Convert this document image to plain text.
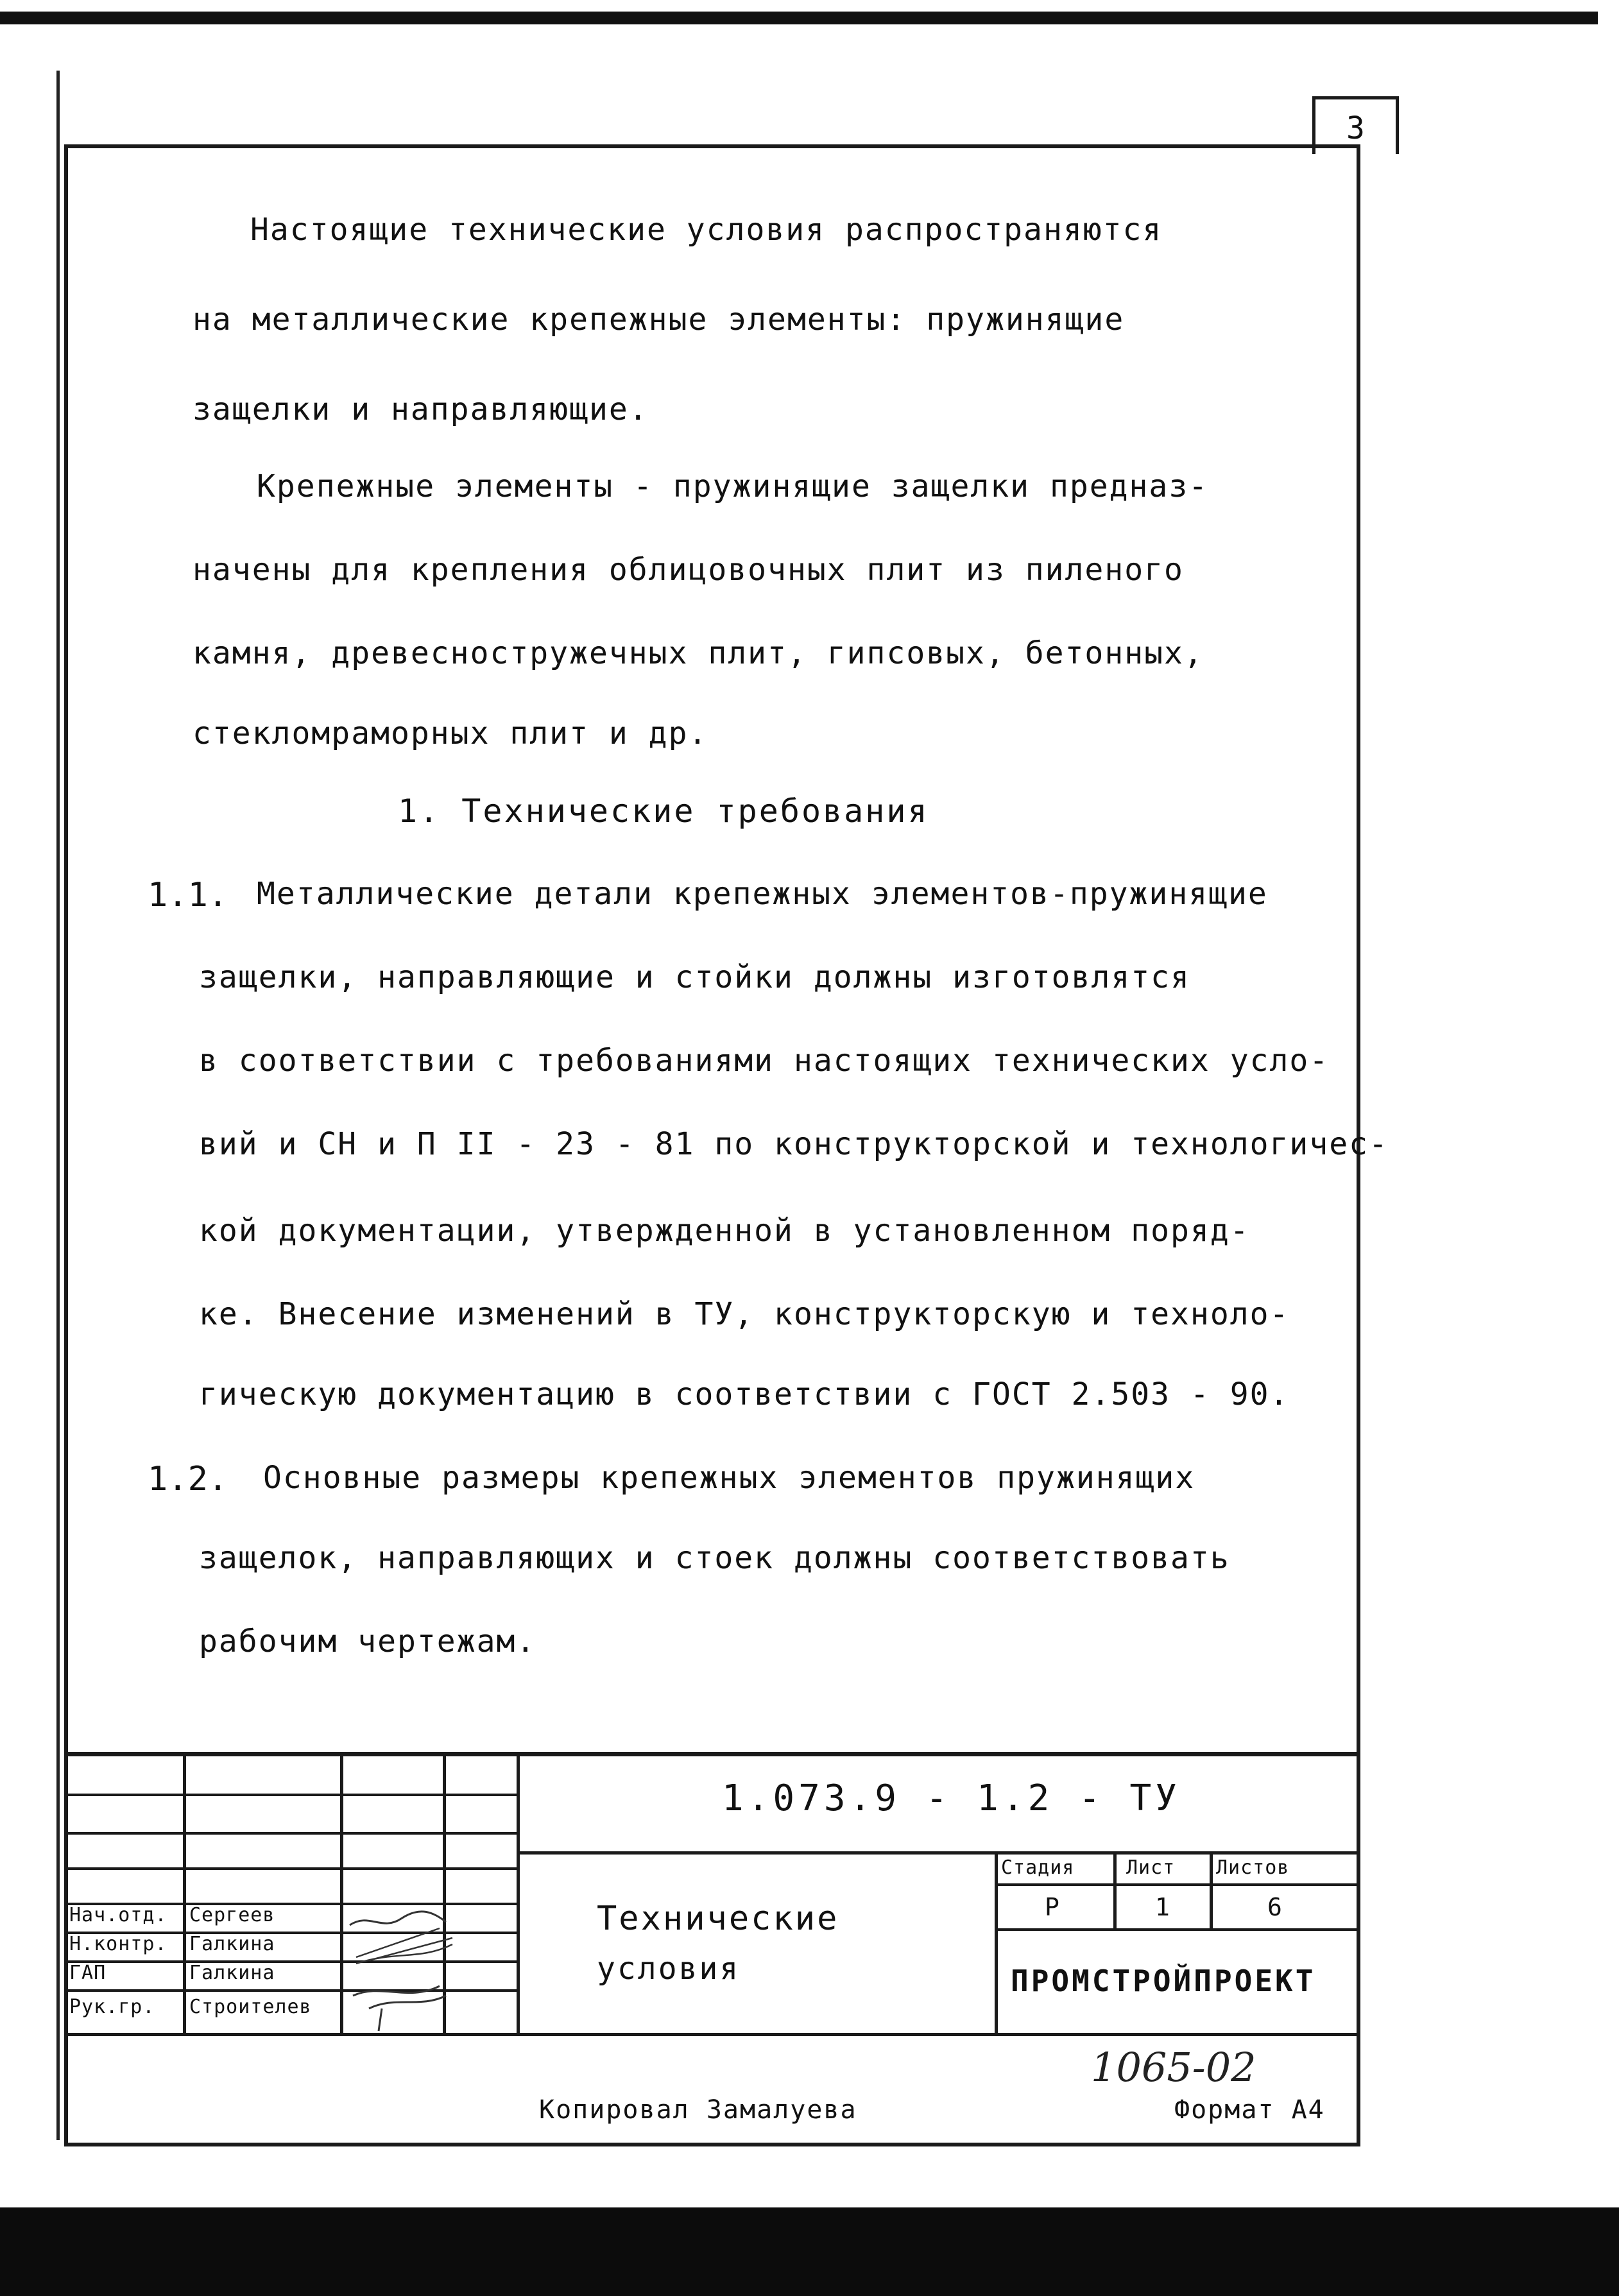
3
Настоящие технические условия распространяются
на металлические крепежные элементы: пружинящие
защелки и направляющие.
Крепежные элементы - пружинящие защелки предназ-
начены для крепления облицовочных плит из пиленого
камня, древесностружечных плит, гипсовых, бетонных,
стекломраморных плит и др.
1. Технические требования
1.1. Металлические детали крепежных элементов-пружинящие
защелки, направляющие и стойки должны изготовлятся
в соответствии с требованиями настоящих технических усло-
вий и СН и П II - 23 - 81 по конструкторской и технологичес-
кой документации, утвержденной в установленном поряд-
ке. Внесение изменений в ТУ, конструкторскую и техноло-
гическую документацию в соответствии с ГОСТ 2.503 - 90.
1.2. Основные размеры крепежных элементов пружинящих
защелок, направляющих и стоек должны соответствовать
рабочим чертежам.
Нач.отд. Сергеев
Н.контр. Галкина
ГАП	Галкина
Рук.гр. Строителев
1.073.9 - 1.2 - ТУ
Технические
условия
Стадия	Лист Листов
Р	1	6
ПРОМСТРОЙПРОЕКТ
1065-02
Копировал Замалуева	Формат А4
